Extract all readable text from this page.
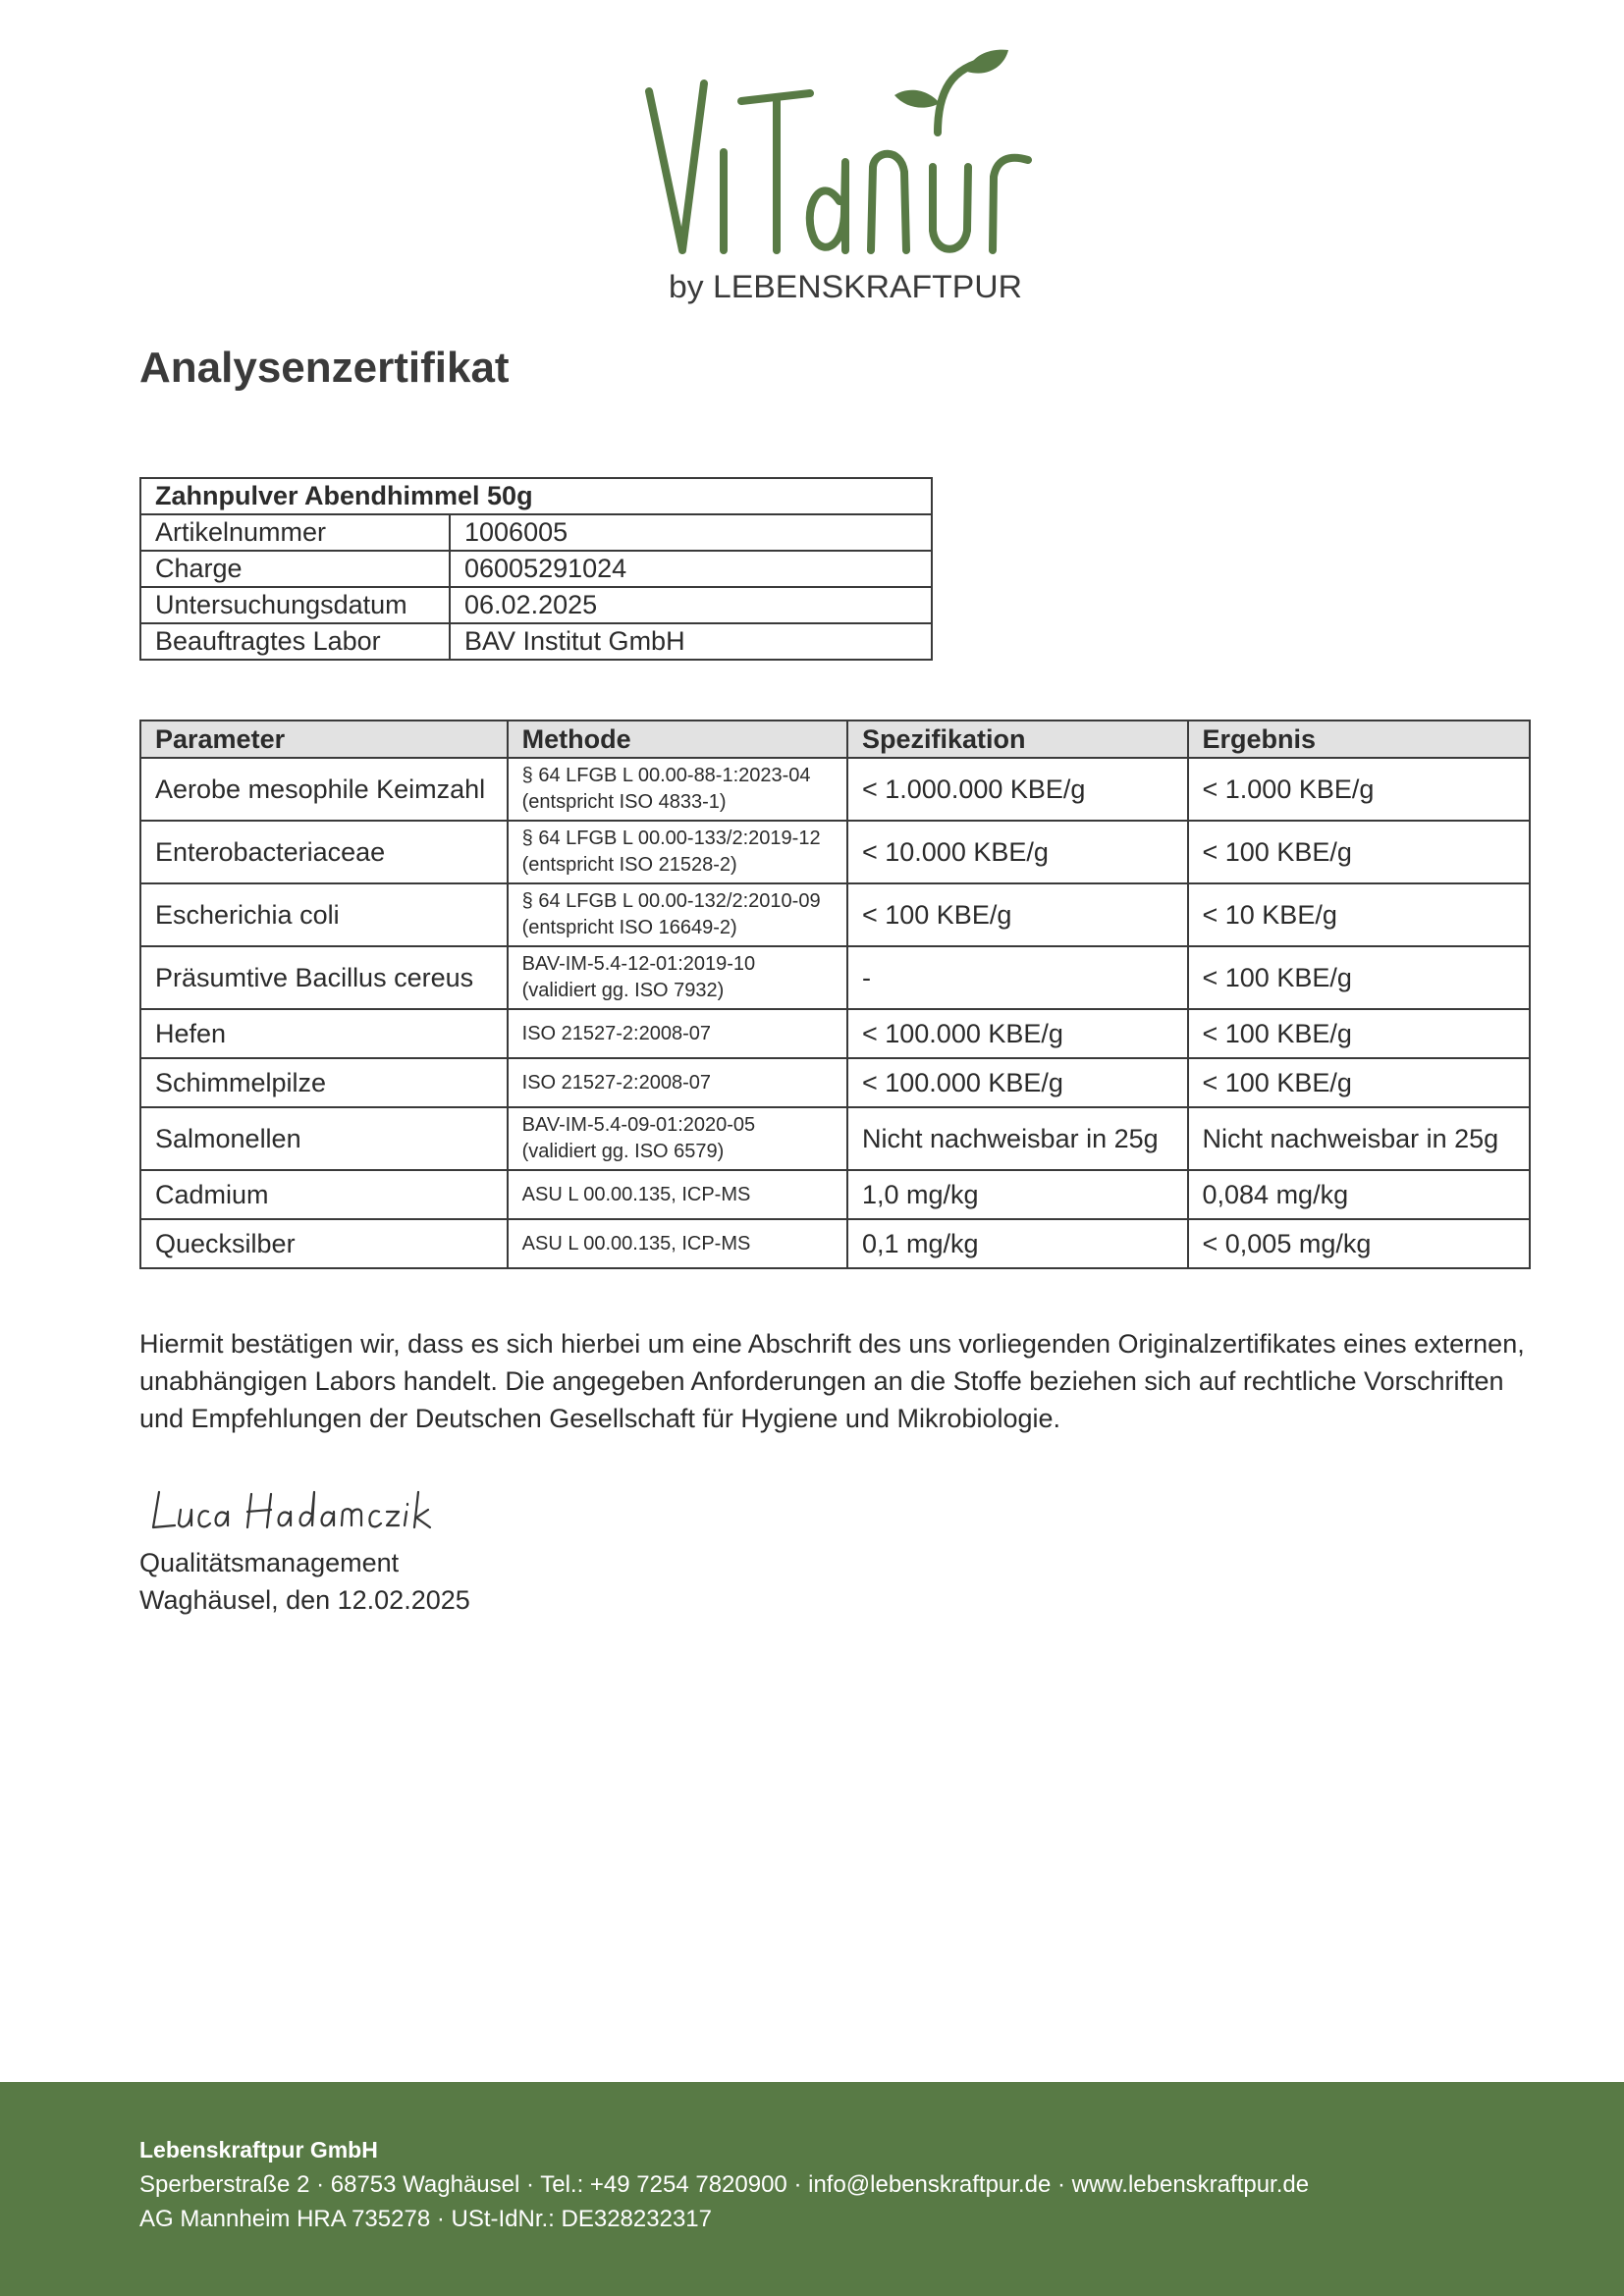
by LEBENSKRAFTPUR
Analysenzertifikat
Zahnpulver Abendhimmel 50g	
Artikelnummer	1006005
Charge	06005291024
Untersuchungsdatum	06.02.2025
Beauftragtes Labor	BAV Institut GmbH
Parameter	Methode	Spezifikation	Ergebnis
Aerobe mesophile Keimzahl	§ 64 LFGB L 00.00-88-1:2023-04 (entspricht ISO 4833-1)	< 1.000.000 KBE/g	< 1.000 KBE/g
Enterobacteriaceae	§ 64 LFGB L 00.00-133/2:2019-12 (entspricht ISO 21528-2)	< 10.000 KBE/g	< 100 KBE/g
Escherichia coli	§ 64 LFGB L 00.00-132/2:2010-09 (entspricht ISO 16649-2)	< 100 KBE/g	< 10 KBE/g
Präsumtive Bacillus cereus	BAV-IM-5.4-12-01:2019-10 (validiert gg. ISO 7932)	-	< 100 KBE/g
Hefen	ISO 21527-2:2008-07	< 100.000 KBE/g	< 100 KBE/g
Schimmelpilze	ISO 21527-2:2008-07	< 100.000 KBE/g	< 100 KBE/g
Salmonellen	BAV-IM-5.4-09-01:2020-05 (validiert gg. ISO 6579)	Nicht nachweisbar in 25g	Nicht nachweisbar in 25g
Cadmium	ASU L 00.00.135, ICP-MS	1,0 mg/kg	0,084 mg/kg
Quecksilber	ASU L 00.00.135, ICP-MS	0,1 mg/kg	< 0,005 mg/kg

Hiermit bestätigen wir, dass es sich hierbei um eine Abschrift des uns vorliegenden Originalzertifikates eines externen, unabhängigen Labors handelt. Die angegeben Anforderungen an die Stoffe beziehen sich auf rechtliche Vorschriften und Empfehlungen der Deutschen Gesellschaft für Hygiene und Mikrobiologie.

Qualitätsmanagement
Waghäusel, den 12.02.2025
Lebenskraftpur GmbH
Sperberstraße 2 · 68753 Waghäusel · Tel.: +49 7254 7820900 · info@lebenskraftpur.de · www.lebenskraftpur.de
AG Mannheim HRA 735278 · USt-IdNr.: DE328232317
